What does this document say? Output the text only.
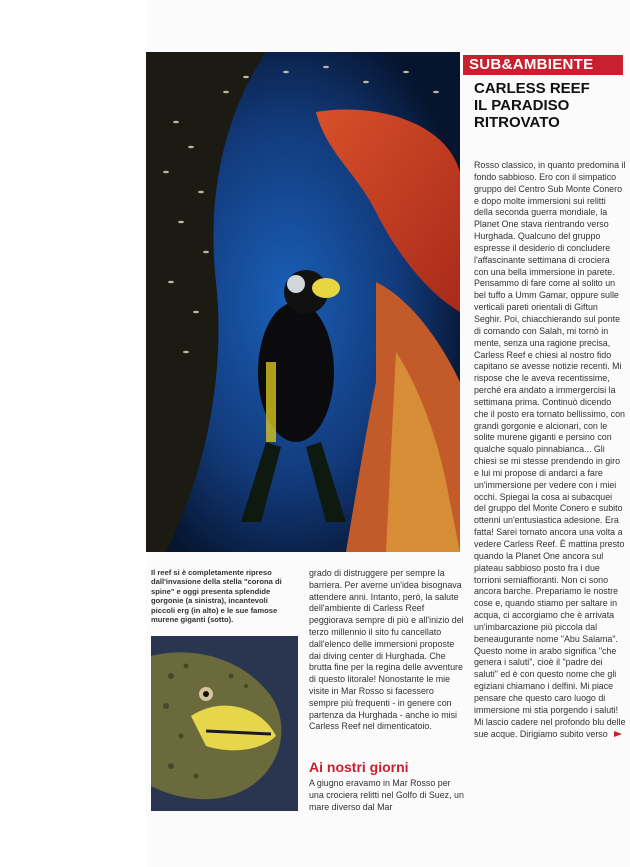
SUB&AMBIENTE
CARLESS REEF
IL PARADISO
RITROVATO

Rosso classico, in quanto predomina il fondo sabbioso. Ero con il simpatico gruppo del Centro Sub Monte Conero e dopo molte immersioni sui relitti della seconda guerra mondiale, la Planet One stava rientrando verso Hurghada. Qualcuno del gruppo espresse il desiderio di concludere l'affascinante settimana di crociera con una bella immersione in parete. Pensammo di fare come al solito un bel tuffo a Umm Gamar, oppure sulle verticali pareti orientali di Giftun Seghir. Poi, chiacchierando sul ponte di comando con Salah, mi tornò in mente, senza una ragione precisa, Carless Reef e chiesi al nostro fido capitano se avesse notizie recenti. Mi rispose che le aveva recentissime, perché era andato a immergercisi la settimana prima. Continuò dicendo che il posto era tornato bellissimo, con grandi gorgonie e alcionari, con le solite murene giganti e persino con qualche squalo pinnabianca... Gli chiesi se mi stesse prendendo in giro e lui mi propose di andarci a fare un'immersione per vedere con i miei occhi. Spiegai la cosa ai subacquei del gruppo del Monte Conero e subito ottenni un'entusiastica adesione. Era fatta! Sarei tornato ancora una volta a vedere Carless Reef. È mattina presto quando la Planet One ancora sul plateau sabbioso posto fra i due torrioni semiaffioranti. Non ci sono ancora barche. Prepariamo le nostre cose e, quando stiamo per saltare in acqua, ci accorgiamo che è arrivata un'imbarcazione più piccola dal beneaugurante nome "Abu Salama". Questo nome in arabo significa "che genera i saluti", cioè il "padre dei saluti" ed è con questo nome che gli egiziani chiamano i delfini. Mi piace pensare che questo caro luogo di immersione mi stia porgendo i saluti! Mi lascio cadere nel profondo blu delle sue acque. Dirigiamo subito verso

Il reef si è completamente ripreso dall'invasione della stella "corona di spine" e oggi presenta splendide gorgonie (a sinistra), incantevoli piccoli erg (in alto) e le sue famose murene giganti (sotto).

grado di distruggere per sempre la barriera. Per averne un'idea bisognava attendere anni. Intanto, però, la salute dell'ambiente di Carless Reef peggiorava sempre di più e all'inizio del terzo millennio il sito fu cancellato dall'elenco delle immersioni proposte dai diving center di Hurghada. Che brutta fine per la regina delle avventure di questo litorale! Nonostante le mie visite in Mar Rosso si facessero sempre più frequenti - in genere con partenza da Hurghada - anche io misi Carless Reef nel dimenticatoio.

Ai nostri giorni

A giugno eravamo in Mar Rosso per una crociera relitti nel Golfo di Suez, un mare diverso dal Mar
